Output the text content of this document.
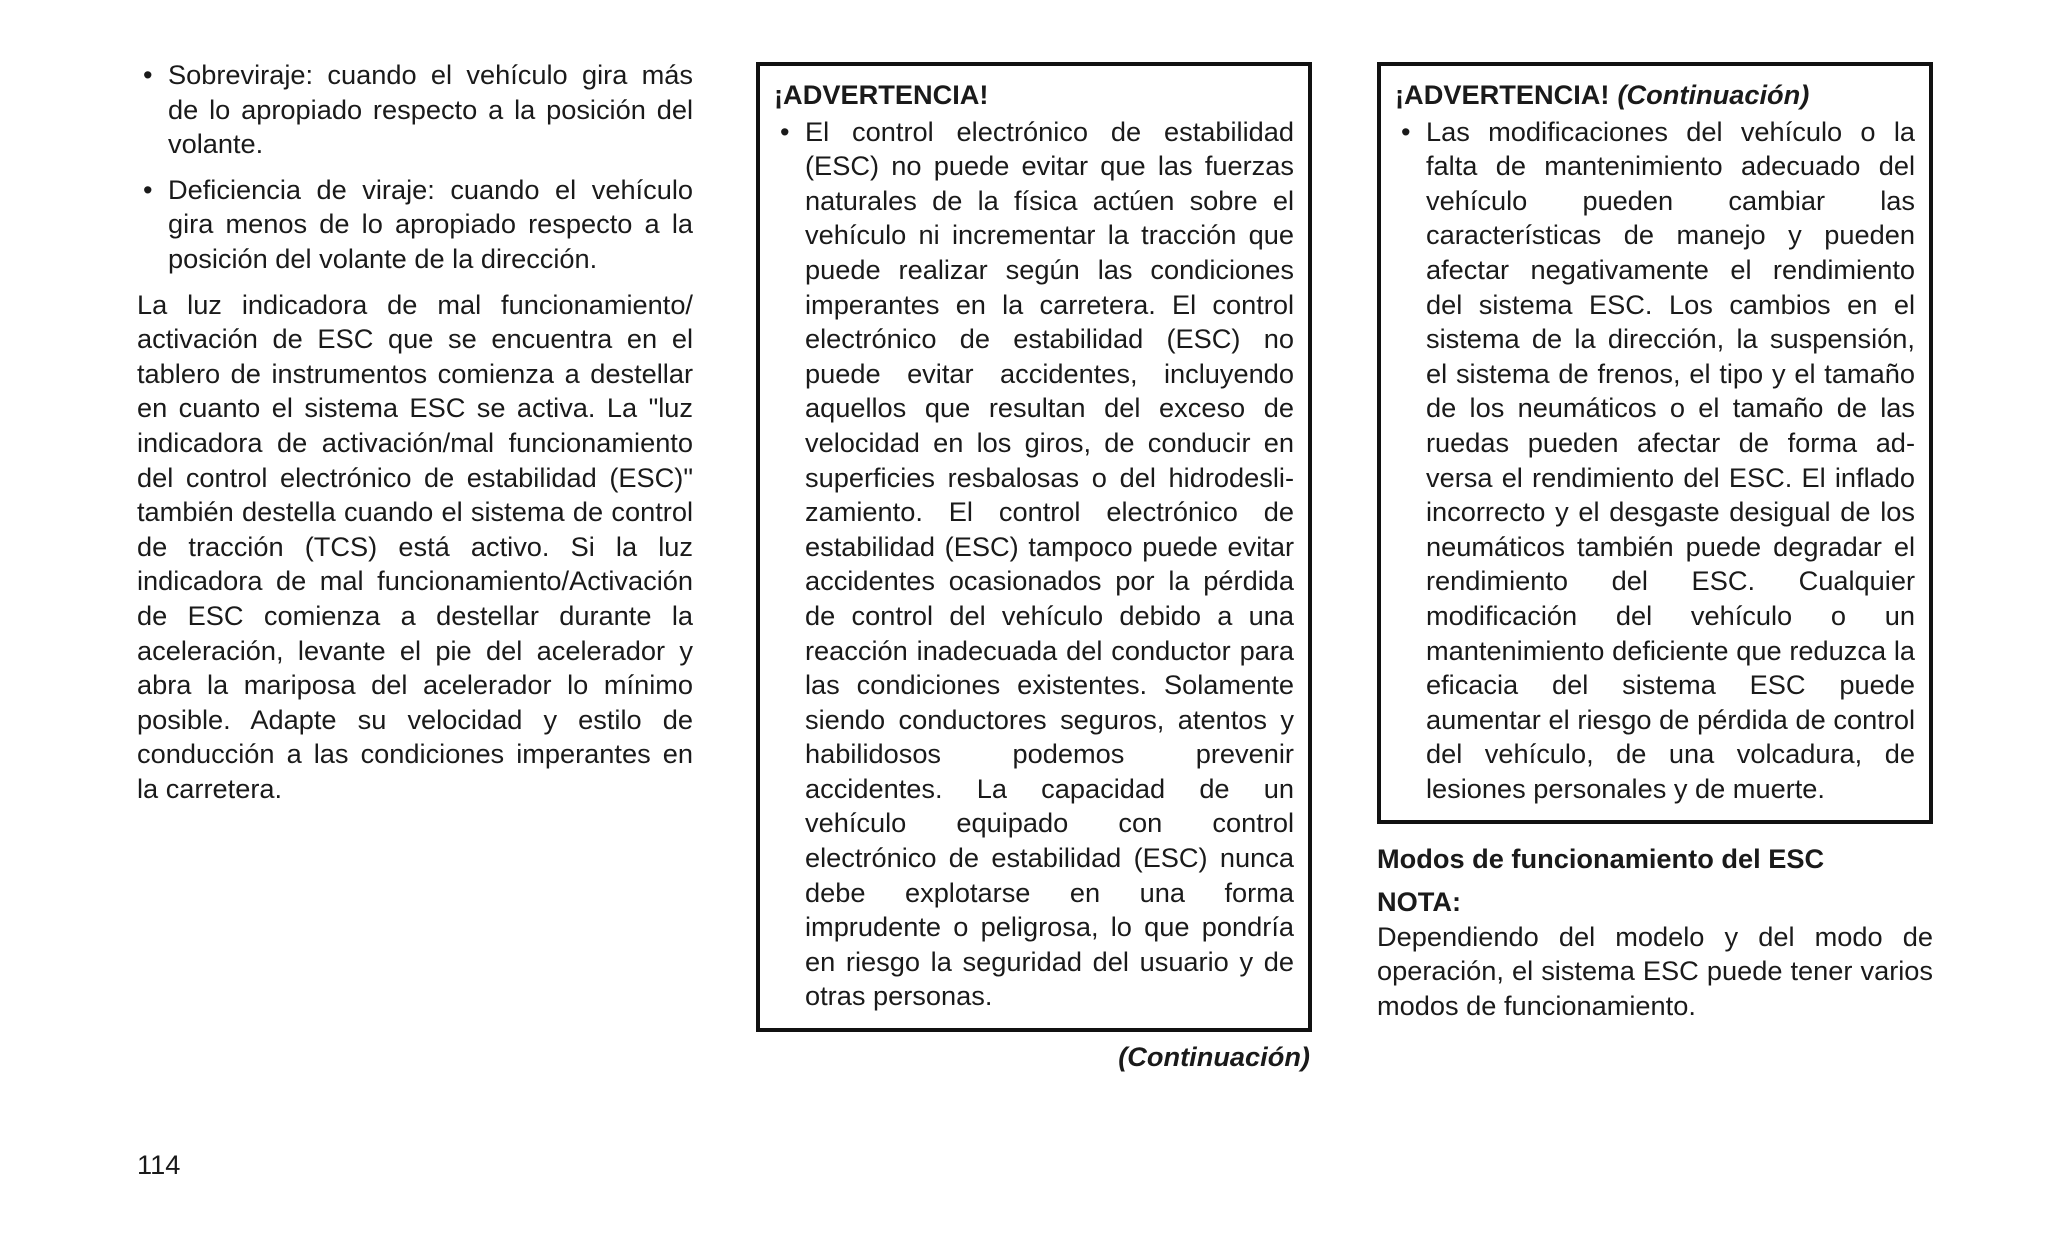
• Sobreviraje: cuando el vehículo gira más de lo apropiado respecto a la posición del volante.
• Deficiencia de viraje: cuando el vehículo gira menos de lo apropiado respecto a la posición del volante de la dirección.

La luz indicadora de mal funcionamiento/ activación de ESC que se encuentra en el tablero de instrumentos comienza a destellar en cuanto el sistema ESC se activa. La "luz indicadora de activación/mal funcionamiento del control electrónico de estabilidad (ESC)" también destella cuando el sistema de control de tracción (TCS) está activo. Si la luz indicadora de mal funcionamiento/Activación de ESC comienza a destellar durante la aceleración, levante el pie del acelerador y abra la mariposa del acelerador lo mínimo posible. Adapte su velocidad y estilo de conducción a las condiciones imperantes en la carretera.

¡ADVERTENCIA!
• El control electrónico de estabilidad (ESC) no puede evitar que las fuerzas naturales de la física actúen sobre el vehículo ni incrementar la tracción que puede realizar según las condiciones imperantes en la carretera. El control electrónico de estabilidad (ESC) no puede evitar accidentes, incluyendo aquellos que resultan del exceso de velocidad en los giros, de conducir en superficies resbalosas o del hidrodeslizamiento. El control electrónico de estabilidad (ESC) tampoco puede evitar accidentes ocasionados por la pérdida de control del vehículo debido a una reacción inadecuada del conductor para las condiciones existentes. Solamente siendo conductores seguros, atentos y habilidosos podemos prevenir accidentes. La capacidad de un vehículo equipado con control electrónico de estabilidad (ESC) nunca debe explotarse en una forma imprudente o peligrosa, lo que pondría en riesgo la seguridad del usuario y de otras personas.
(Continuación)
¡ADVERTENCIA! (Continuación)
• Las modificaciones del vehículo o la falta de mantenimiento adecuado del vehículo pueden cambiar las características de manejo y pueden afectar negativamente el rendimiento del sistema ESC. Los cambios en el sistema de la dirección, la suspensión, el sistema de frenos, el tipo y el tamaño de los neumáticos o el tamaño de las ruedas pueden afectar de forma adversa el rendimiento del ESC. El inflado incorrecto y el desgaste desigual de los neumáticos también puede degradar el rendimiento del ESC. Cualquier modificación del vehículo o un mantenimiento deficiente que reduzca la eficacia del sistema ESC puede aumentar el riesgo de pérdida de control del vehículo, de una volcadura, de lesiones personales y de muerte.
Modos de funcionamiento del ESC
NOTA:

Dependiendo del modelo y del modo de operación, el sistema ESC puede tener varios modos de funcionamiento.

114
